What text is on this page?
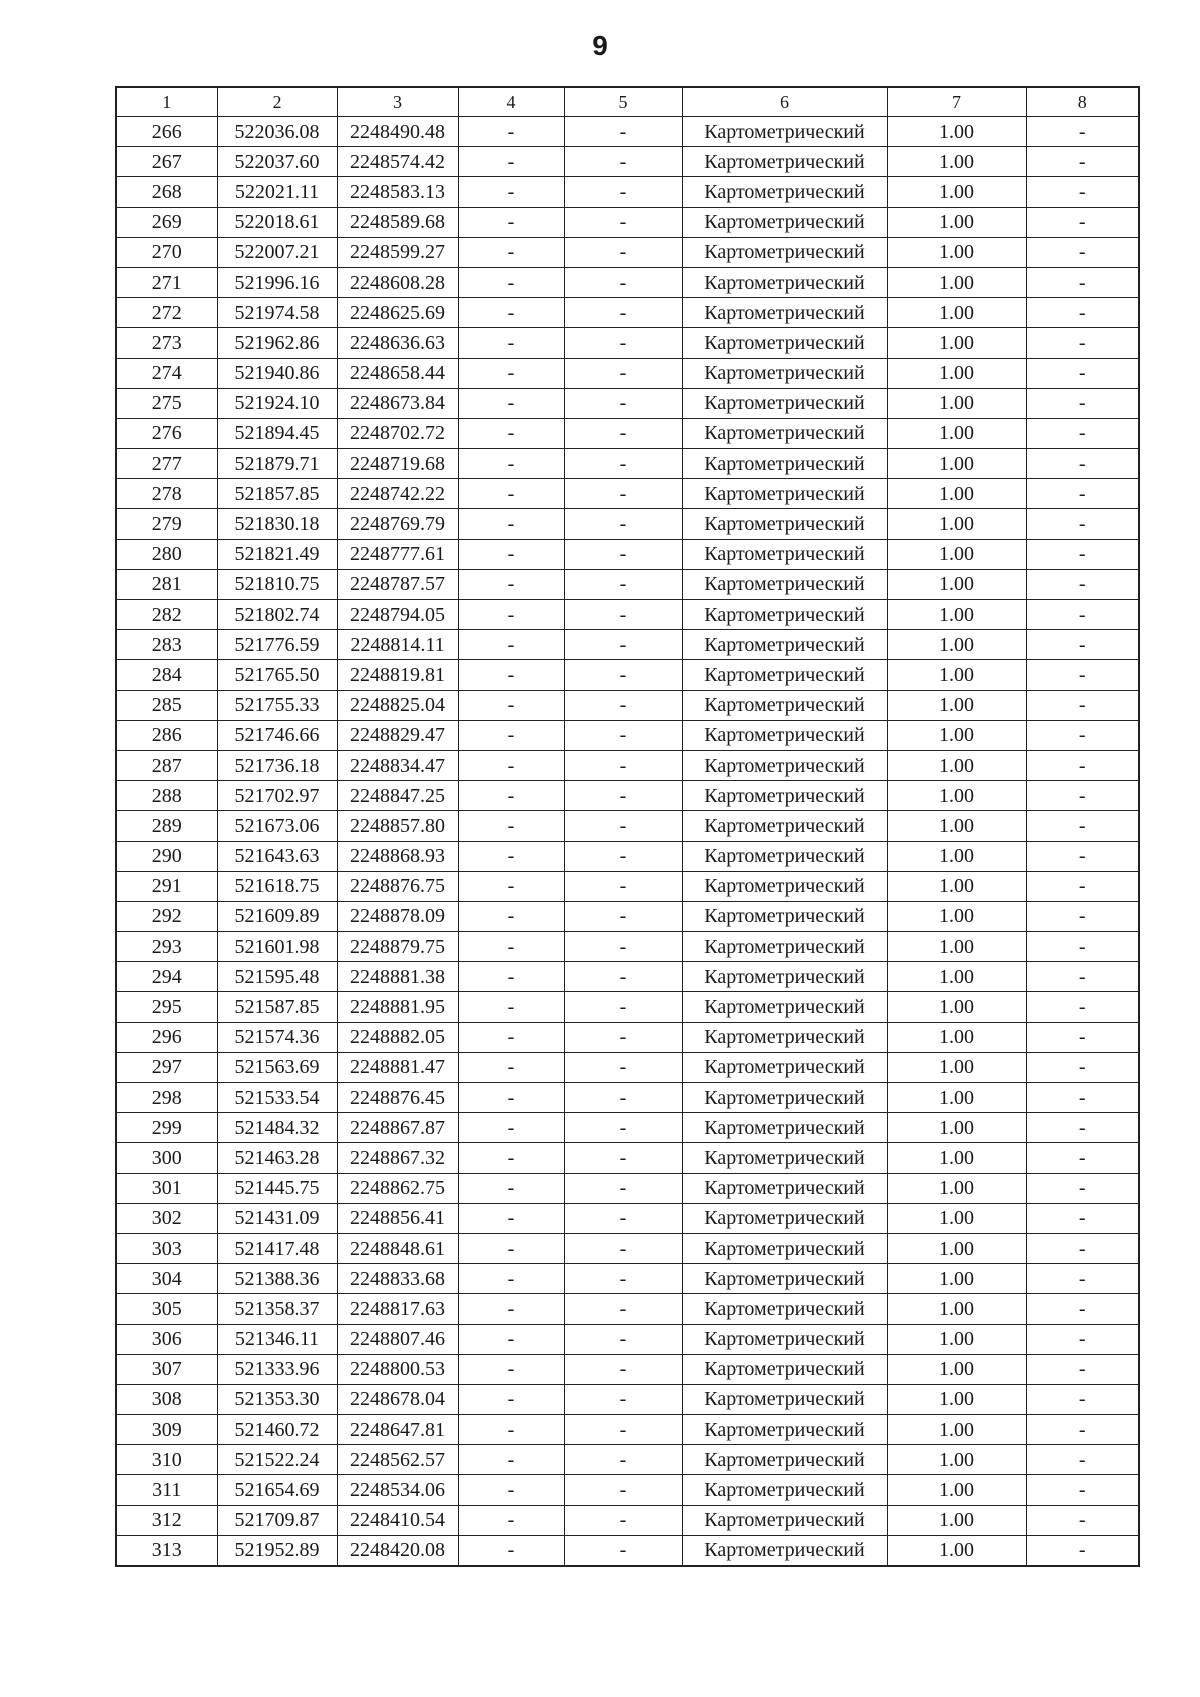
9
1	2	3	4	5	6	7	8
266	522036.08	2248490.48	-	-	Картометрический	1.00	-
267	522037.60	2248574.42	-	-	Картометрический	1.00	-
268	522021.11	2248583.13	-	-	Картометрический	1.00	-
269	522018.61	2248589.68	-	-	Картометрический	1.00	-
270	522007.21	2248599.27	-	-	Картометрический	1.00	-
271	521996.16	2248608.28	-	-	Картометрический	1.00	-
272	521974.58	2248625.69	-	-	Картометрический	1.00	-
273	521962.86	2248636.63	-	-	Картометрический	1.00	-
274	521940.86	2248658.44	-	-	Картометрический	1.00	-
275	521924.10	2248673.84	-	-	Картометрический	1.00	-
276	521894.45	2248702.72	-	-	Картометрический	1.00	-
277	521879.71	2248719.68	-	-	Картометрический	1.00	-
278	521857.85	2248742.22	-	-	Картометрический	1.00	-
279	521830.18	2248769.79	-	-	Картометрический	1.00	-
280	521821.49	2248777.61	-	-	Картометрический	1.00	-
281	521810.75	2248787.57	-	-	Картометрический	1.00	-
282	521802.74	2248794.05	-	-	Картометрический	1.00	-
283	521776.59	2248814.11	-	-	Картометрический	1.00	-
284	521765.50	2248819.81	-	-	Картометрический	1.00	-
285	521755.33	2248825.04	-	-	Картометрический	1.00	-
286	521746.66	2248829.47	-	-	Картометрический	1.00	-
287	521736.18	2248834.47	-	-	Картометрический	1.00	-
288	521702.97	2248847.25	-	-	Картометрический	1.00	-
289	521673.06	2248857.80	-	-	Картометрический	1.00	-
290	521643.63	2248868.93	-	-	Картометрический	1.00	-
291	521618.75	2248876.75	-	-	Картометрический	1.00	-
292	521609.89	2248878.09	-	-	Картометрический	1.00	-
293	521601.98	2248879.75	-	-	Картометрический	1.00	-
294	521595.48	2248881.38	-	-	Картометрический	1.00	-
295	521587.85	2248881.95	-	-	Картометрический	1.00	-
296	521574.36	2248882.05	-	-	Картометрический	1.00	-
297	521563.69	2248881.47	-	-	Картометрический	1.00	-
298	521533.54	2248876.45	-	-	Картометрический	1.00	-
299	521484.32	2248867.87	-	-	Картометрический	1.00	-
300	521463.28	2248867.32	-	-	Картометрический	1.00	-
301	521445.75	2248862.75	-	-	Картометрический	1.00	-
302	521431.09	2248856.41	-	-	Картометрический	1.00	-
303	521417.48	2248848.61	-	-	Картометрический	1.00	-
304	521388.36	2248833.68	-	-	Картометрический	1.00	-
305	521358.37	2248817.63	-	-	Картометрический	1.00	-
306	521346.11	2248807.46	-	-	Картометрический	1.00	-
307	521333.96	2248800.53	-	-	Картометрический	1.00	-
308	521353.30	2248678.04	-	-	Картометрический	1.00	-
309	521460.72	2248647.81	-	-	Картометрический	1.00	-
310	521522.24	2248562.57	-	-	Картометрический	1.00	-
311	521654.69	2248534.06	-	-	Картометрический	1.00	-
312	521709.87	2248410.54	-	-	Картометрический	1.00	-
313	521952.89	2248420.08	-	-	Картометрический	1.00	-
